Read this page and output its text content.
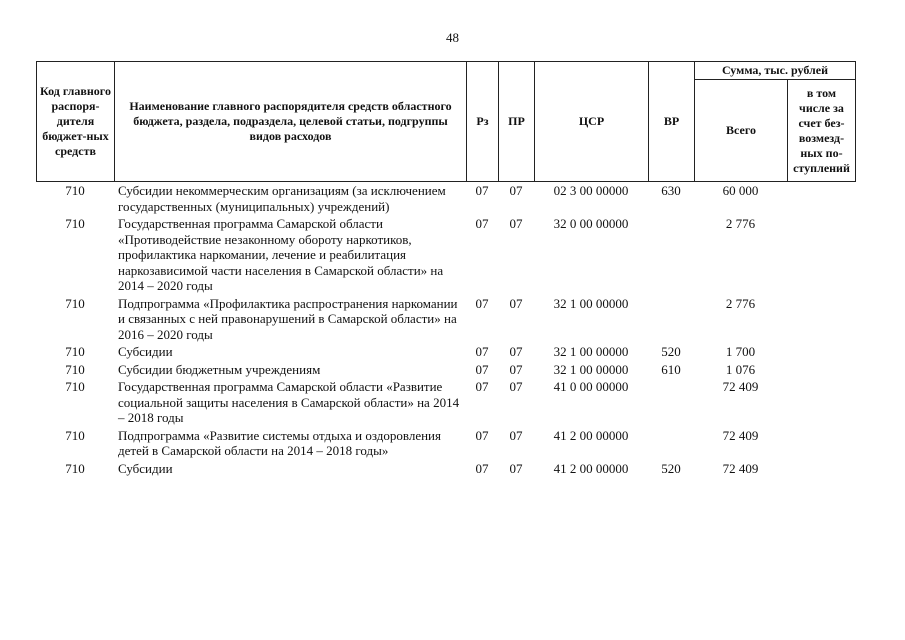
48
Код главного распоря-дителя бюджет-ных средств	Наименование главного распорядителя средств областного бюджета, раздела, подраздела, целевой статьи, подгруппы видов расходов	Рз	ПР	ЦСР	ВР	Сумма, тыс. рублей	
						Всего	в том числе за счет без-возмезд-ных по-ступлений
710	Субсидии некоммерческим организациям (за исключением государственных (муниципальных) учреждений)	07	07	02 3 00 00000	630	60 000	
710	Государственная программа Самарской области «Противодействие незаконному обороту наркотиков, профилактика наркомании, лечение и реабилитация наркозависимой части населения в Самарской области» на 2014 – 2020 годы	07	07	32 0 00 00000		2 776	
710	Подпрограмма «Профилактика распространения наркомании и связанных с ней правонарушений в Самарской области» на 2016 – 2020 годы	07	07	32 1 00 00000		2 776	
710	Субсидии	07	07	32 1 00 00000	520	1 700	
710	Субсидии бюджетным учреждениям	07	07	32 1 00 00000	610	1 076	
710	Государственная программа Самарской области «Развитие социальной защиты населения в Самарской области» на 2014 – 2018 годы	07	07	41 0 00 00000		72 409	
710	Подпрограмма «Развитие системы отдыха и оздоровления детей в Самарской области на 2014 – 2018 годы»	07	07	41 2 00 00000		72 409	
710	Субсидии	07	07	41 2 00 00000	520	72 409	
